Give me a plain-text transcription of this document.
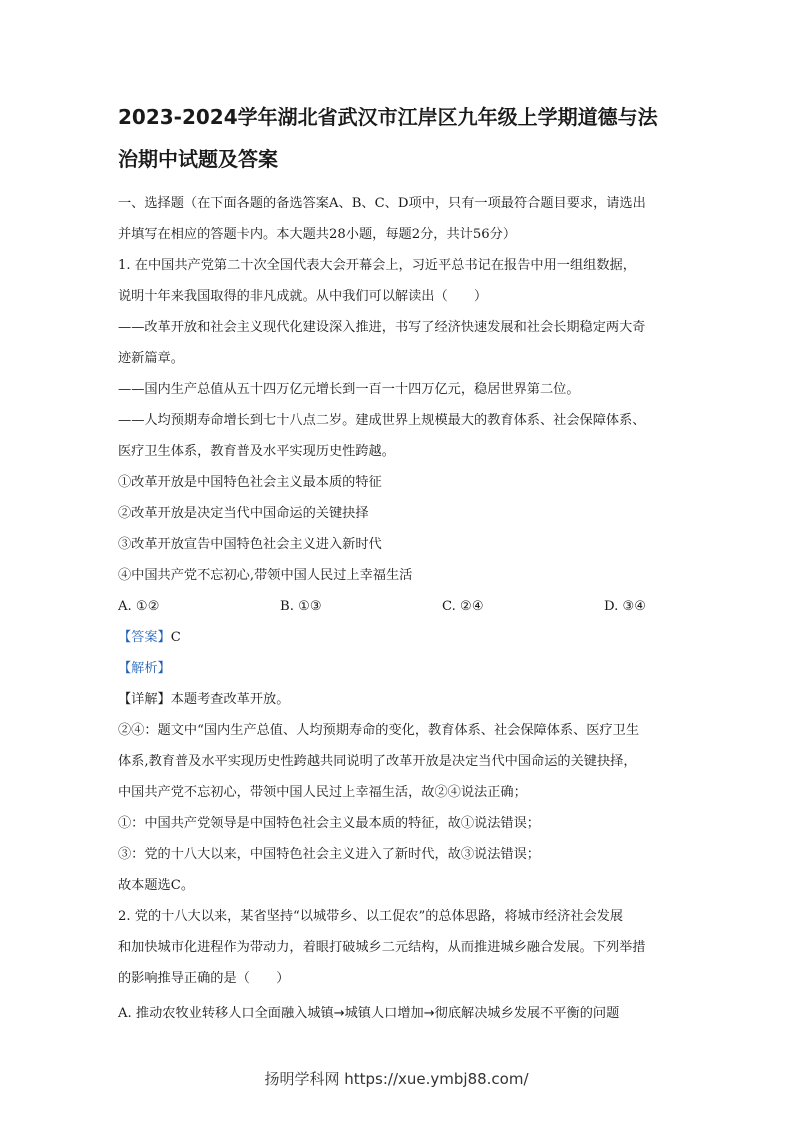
2023-2024学年湖北省武汉市江岸区九年级上学期道德与法
治期中试题及答案

一、选择题（在下面各题的备选答案A、B、C、D项中，只有一项最符合题目要求，请选出

并填写在相应的答题卡内。本大题共28小题，每题2分，共计56分）

1. 在中国共产党第二十次全国代表大会开幕会上，习近平总书记在报告中用一组组数据，

说明十年来我国取得的非凡成就。从中我们可以解读出（　　）

——改革开放和社会主义现代化建设深入推进，书写了经济快速发展和社会长期稳定两大奇

迹新篇章。

——国内生产总值从五十四万亿元增长到一百一十四万亿元，稳居世界第二位。

——人均预期寿命增长到七十八点二岁。建成世界上规模最大的教育体系、社会保障体系、

医疗卫生体系，教育普及水平实现历史性跨越。

①改革开放是中国特色社会主义最本质的特征

②改革开放是决定当代中国命运的关键抉择

③改革开放宣告中国特色社会主义进入新时代

④中国共产党不忘初心,带领中国人民过上幸福生活

A. ①②	B. ①③	C. ②④	D. ③④

【答案】C

【解析】

【详解】本题考查改革开放。

②④：题文中“国内生产总值、人均预期寿命的变化，教育体系、社会保障体系、医疗卫生

体系,教育普及水平实现历史性跨越共同说明了改革开放是决定当代中国命运的关键抉择，

中国共产党不忘初心，带领中国人民过上幸福生活，故②④说法正确；

①：中国共产党领导是中国特色社会主义最本质的特征，故①说法错误；

③：党的十八大以来，中国特色社会主义进入了新时代，故③说法错误；

故本题选C。

2. 党的十八大以来，某省坚持“以城带乡、以工促农”的总体思路，将城市经济社会发展

和加快城市化进程作为带动力，着眼打破城乡二元结构，从而推进城乡融合发展。下列举措

的影响推导正确的是（　　）

A. 推动农牧业转移人口全面融入城镇→城镇人口增加→彻底解决城乡发展不平衡的问题

扬明学科网 https://xue.ymbj88.com/
